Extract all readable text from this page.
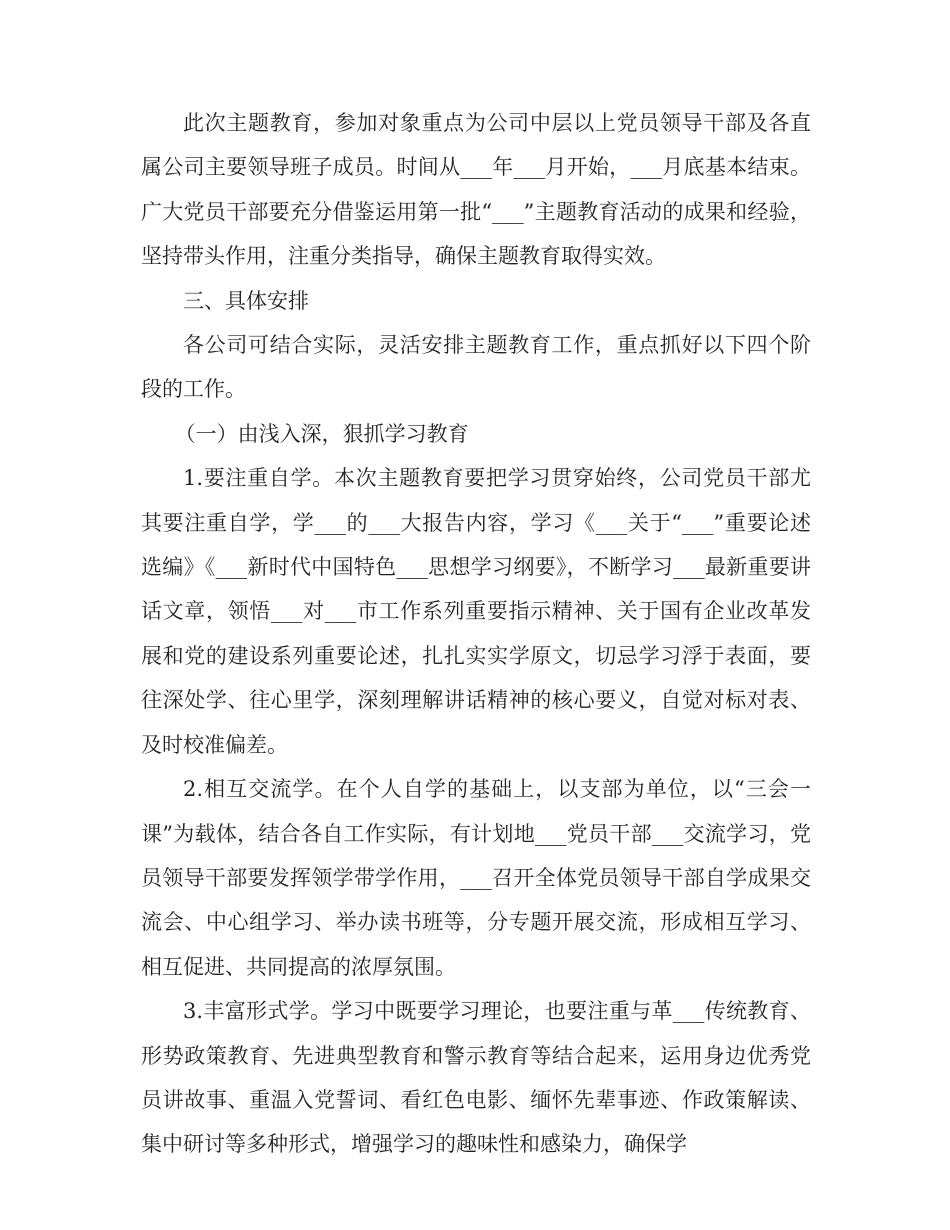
此次主题教育，参加对象重点为公司中层以上党员领导干部及各直属公司主要领导班子成员。时间从___年___月开始，___月底基本结束。广大党员干部要充分借鉴运用第一批“___”主题教育活动的成果和经验，坚持带头作用，注重分类指导，确保主题教育取得实效。

三、具体安排

各公司可结合实际，灵活安排主题教育工作，重点抓好以下四个阶段的工作。

（一）由浅入深，狠抓学习教育

1.要注重自学。本次主题教育要把学习贯穿始终，公司党员干部尤其要注重自学，学___的___大报告内容，学习《___关于“___”重要论述选编》《___新时代中国特色___思想学习纲要》，不断学习___最新重要讲话文章，领悟___对___市工作系列重要指示精神、关于国有企业改革发展和党的建设系列重要论述，扎扎实实学原文，切忌学习浮于表面，要往深处学、往心里学，深刻理解讲话精神的核心要义，自觉对标对表、及时校准偏差。

2.相互交流学。在个人自学的基础上，以支部为单位，以“三会一课”为载体，结合各自工作实际，有计划地___党员干部___交流学习，党员领导干部要发挥领学带学作用，___召开全体党员领导干部自学成果交流会、中心组学习、举办读书班等，分专题开展交流，形成相互学习、相互促进、共同提高的浓厚氛围。

3.丰富形式学。学习中既要学习理论，也要注重与革___传统教育、形势政策教育、先进典型教育和警示教育等结合起来，运用身边优秀党员讲故事、重温入党誓词、看红色电影、缅怀先辈事迹、作政策解读、集中研讨等多种形式，增强学习的趣味性和感染力，确保学
